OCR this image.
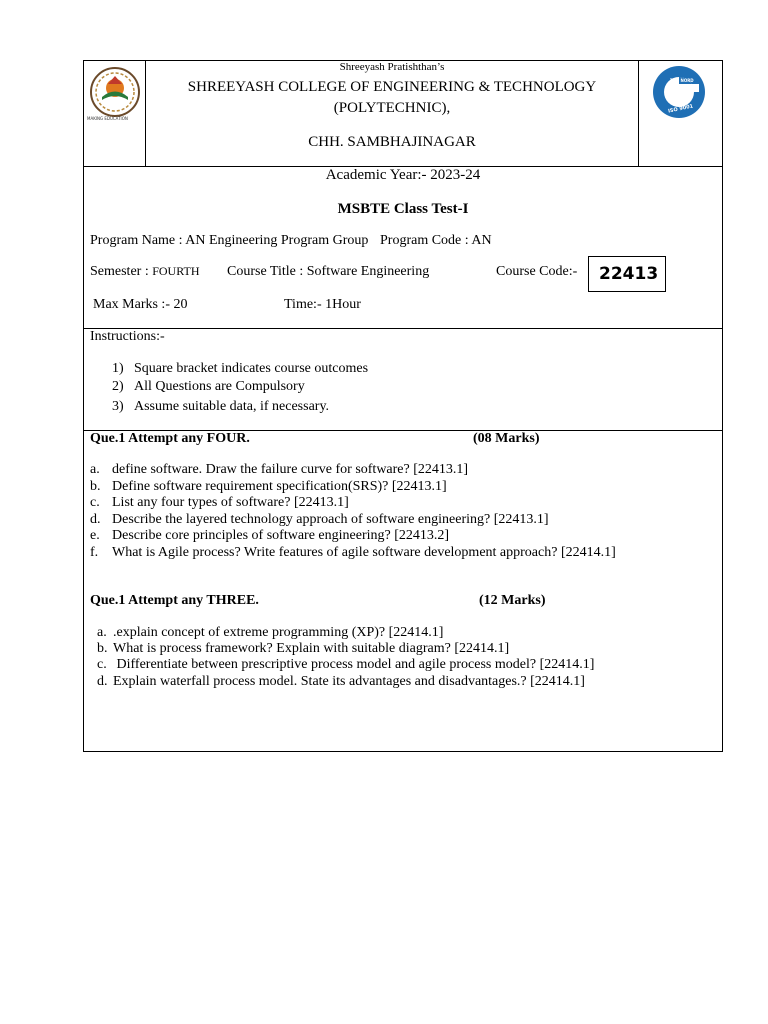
MAKING EDUCATION
TÜV NORD
ISO 9001
Shreeyash Pratishthan’s
SHREEYASH COLLEGE OF ENGINEERING & TECHNOLOGY
(POLYTECHNIC),
CHH. SAMBHAJINAGAR
Academic Year:- 2023-24
MSBTE Class Test-I
Program Name : AN Engineering Program Group Program Code : AN
Semester : FOURTH Course Title : Software Engineering	Course Code:-	22413
Max Marks :- 20	Time:- 1Hour
Instructions:-
1) Square bracket indicates course outcomes
2) All Questions are Compulsory
3) Assume suitable data, if necessary.
Que.1 Attempt any FOUR.	(08 Marks)
a. define software. Draw the failure curve for software? [22413.1]
b. Define software requirement specification(SRS)? [22413.1]
c. List any four types of software? [22413.1]
d. Describe the layered technology approach of software engineering? [22413.1]
e. Describe core principles of software engineering? [22413.2]
f. What is Agile process? Write features of agile software development approach? [22414.1]
Que.1 Attempt any THREE.	(12 Marks)
a. .explain concept of extreme programming (XP)? [22414.1]
b. What is process framework? Explain with suitable diagram? [22414.1]
c. Differentiate between prescriptive process model and agile process model? [22414.1]
d. Explain waterfall process model. State its advantages and disadvantages.? [22414.1]
